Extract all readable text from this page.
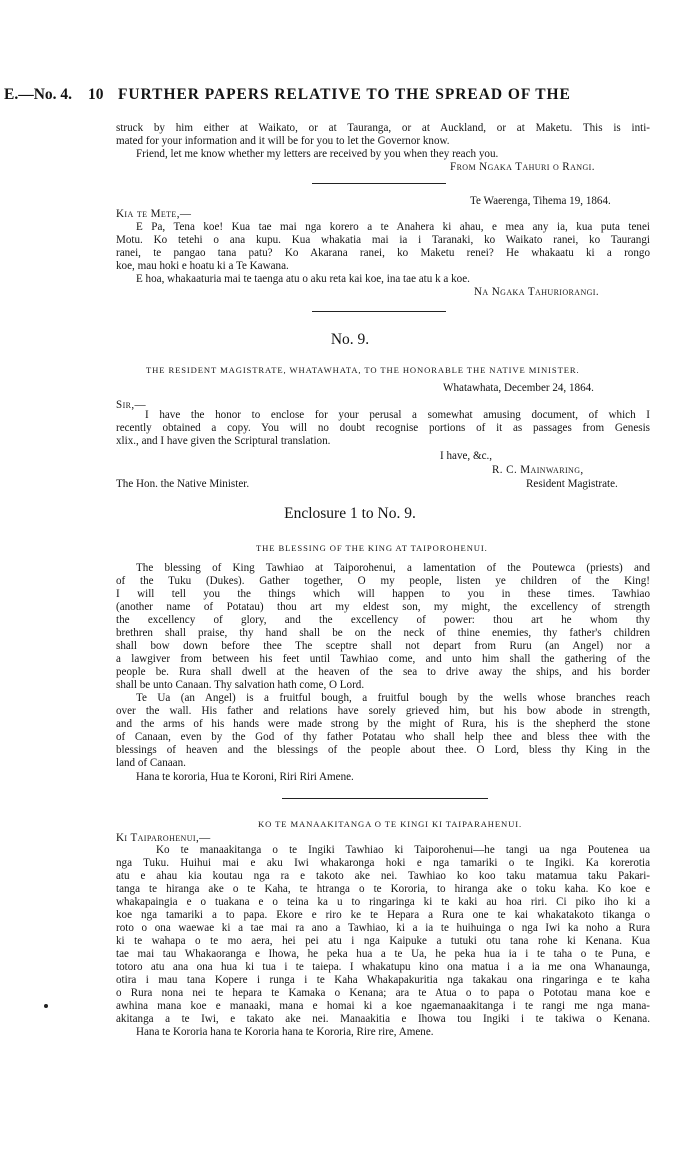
E.—No. 4. 10 FURTHER PAPERS RELATIVE TO THE SPREAD OF THE
struck by him either at Waikato, or at Tauranga, or at Auckland, or at Maketu. This is inti-
mated for your information and it will be for you to let the Governor know.
Friend, let me know whether my letters are received by you when they reach you.
From Ngaka Tahuri o Rangi.
Te Waerenga, Tihema 19, 1864.
Kia te Mete,—
E Pa, Tena koe! Kua tae mai nga korero a te Anahera ki ahau, e mea any ia, kua puta tenei
Motu. Ko tetehi o ana kupu. Kua whakatia mai ia i Taranaki, ko Waikato ranei, ko Taurangi
ranei, te pangao tana patu? Ko Akarana ranei, ko Maketu renei? He whakaatu ki a rongo
koe, mau hoki e hoatu ki a Te Kawana.
E hoa, whakaaturia mai te taenga atu o aku reta kai koe, ina tae atu k a koe.
Na Ngaka Tahuriorangi.
No. 9.
THE RESIDENT MAGISTRATE, WHATAWHATA, TO THE HONORABLE THE NATIVE MINISTER.
Whatawhata, December 24, 1864.
Sir,—
I have the honor to enclose for your perusal a somewhat amusing document, of which I
recently obtained a copy. You will no doubt recognise portions of it as passages from Genesis
xlix., and I have given the Scriptural translation.
I have, &c.,
R. C. Mainwaring,
The Hon. the Native Minister.	Resident Magistrate.
Enclosure 1 to No. 9.
THE BLESSING OF THE KING AT TAIPOROHENUI.
The blessing of King Tawhiao at Taiporohenui, a lamentation of the Poutewca (priests) and
of the Tuku (Dukes). Gather together, O my people, listen ye children of the King!
I will tell you the things which will happen to you in these times. Tawhiao
(another name of Potatau) thou art my eldest son, my might, the excellency of strength
the excellency of glory, and the excellency of power: thou art he whom thy
brethren shall praise, thy hand shall be on the neck of thine enemies, thy father's children
shall bow down before thee The sceptre shall not depart from Ruru (an Angel) nor a
a lawgiver from between his feet until Tawhiao come, and unto him shall the gathering of the
people be. Rura shall dwell at the heaven of the sea to drive away the ships, and his border
shall be unto Canaan. Thy salvation hath come, O Lord.
Te Ua (an Angel) is a fruitful bough, a fruitful bough by the wells whose branches reach
over the wall. His father and relations have sorely grieved him, but his bow abode in strength,
and the arms of his hands were made strong by the might of Rura, his is the shepherd the stone
of Canaan, even by the God of thy father Potatau who shall help thee and bless thee with the
blessings of heaven and the blessings of the people about thee. O Lord, bless thy King in the
land of Canaan.
Hana te kororia, Hua te Koroni, Riri Riri Amene.
KO TE MANAAKITANGA O TE KINGI KI TAIPARAHENUI.
Ki Taiparohenui,—
Ko te manaakitanga o te Ingiki Tawhiao ki Taiporohenui—he tangi ua nga Poutenea ua
nga Tuku. Huihui mai e aku Iwi whakaronga hoki e nga tamariki o te Ingiki. Ka korerotia
atu e ahau kia koutau nga ra e takoto ake nei. Tawhiao ko koo taku matamua taku Pakari-
tanga te hiranga ake o te Kaha, te htranga o te Kororia, to hiranga ake o toku kaha. Ko koe e
whakapaingia e o tuakana e o teina ka u to ringaringa ki te kaki au hoa riri. Ci piko iho ki a
koe nga tamariki a to papa. Ekore e riro ke te Hepara a Rura one te kai whakatakoto tikanga o
roto o ona waewae ki a tae mai ra ano a Tawhiao, ki a ia te huihuinga o nga Iwi ka noho a Rura
ki te wahapa o te mo aera, hei pei atu i nga Kaipuke a tutuki otu tana rohe ki Kenana. Kua
tae mai tau Whakaoranga e Ihowa, he peka hua a te Ua, he peka hua ia i te taha o te Puna, e
totoro atu ana ona hua ki tua i te taiepa. I whakatupu kino ona matua i a ia me ona Whanaunga,
otira i mau tana Kopere i runga i te Kaha Whakapakuritia nga takakau ona ringaringa e te kaha
o Rura nona nei te hepara te Kamaka o Kenana; ara te Atua o to papa o Pototau mana koe e
awhina mana koe e manaaki, mana e homai ki a koe ngaemanaakitanga i te rangi me nga mana-
akitanga a te Iwi, e takato ake nei. Manaakitia e Ihowa tou Ingiki i te takiwa o Kenana.
Hana te Kororia hana te Kororia hana te Kororia, Rire rire, Amene.
